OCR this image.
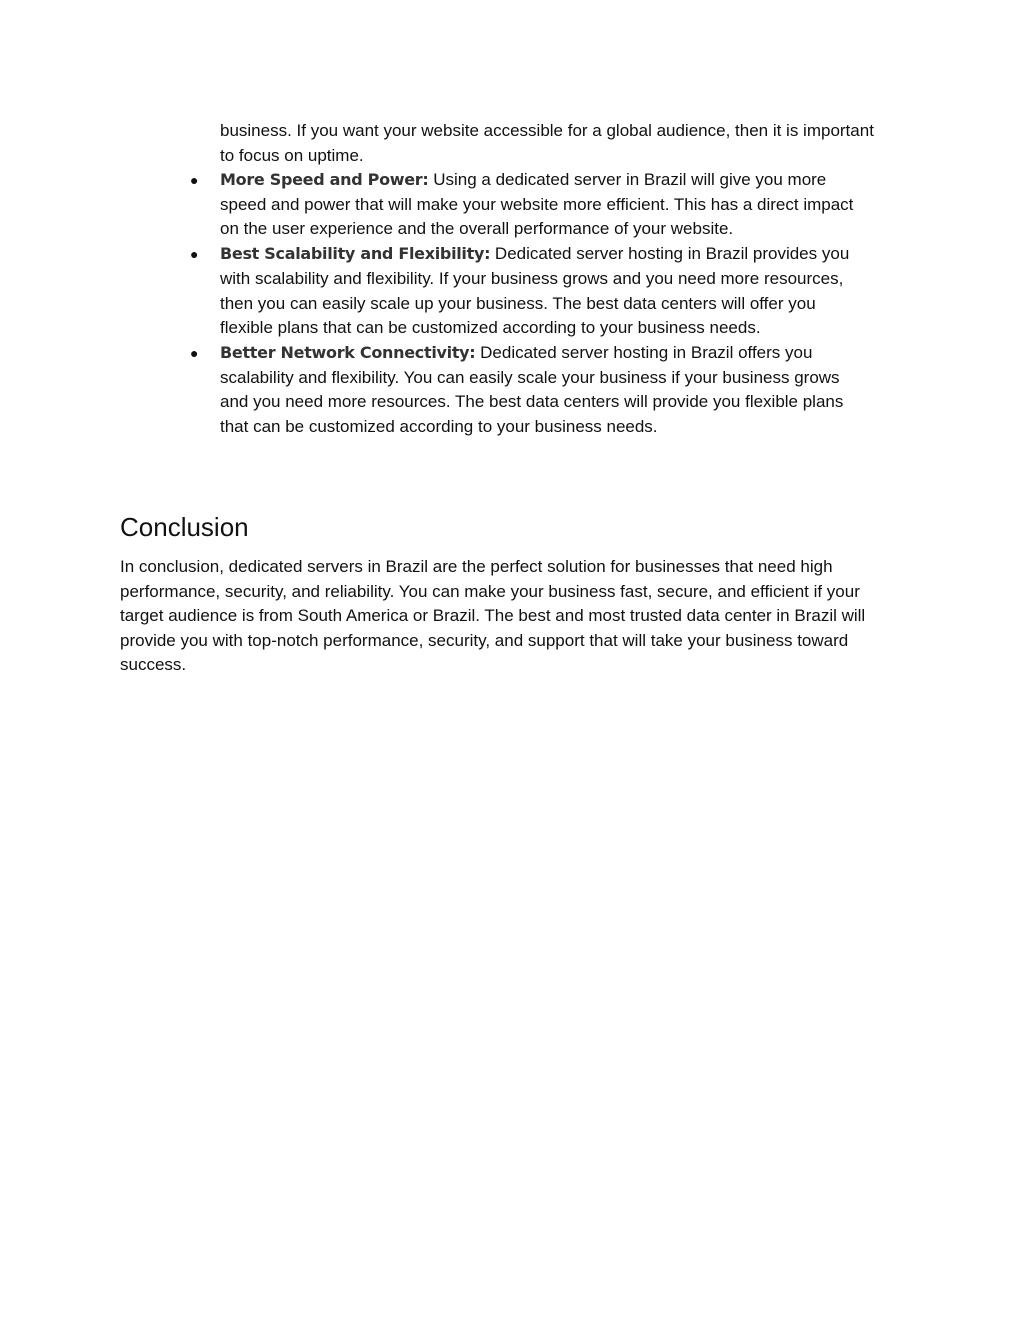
business. If you want your website accessible for a global audience, then it is important to focus on uptime.

● More Speed and Power: Using a dedicated server in Brazil will give you more speed and power that will make your website more efficient. This has a direct impact on the user experience and the overall performance of your website.
● Best Scalability and Flexibility: Dedicated server hosting in Brazil provides you with scalability and flexibility. If your business grows and you need more resources, then you can easily scale up your business. The best data centers will offer you flexible plans that can be customized according to your business needs.
● Better Network Connectivity: Dedicated server hosting in Brazil offers you scalability and flexibility. You can easily scale your business if your business grows and you need more resources. The best data centers will provide you flexible plans that can be customized according to your business needs.
Conclusion

In conclusion, dedicated servers in Brazil are the perfect solution for businesses that need high performance, security, and reliability. You can make your business fast, secure, and efficient if your target audience is from South America or Brazil. The best and most trusted data center in Brazil will provide you with top-notch performance, security, and support that will take your business toward success.
